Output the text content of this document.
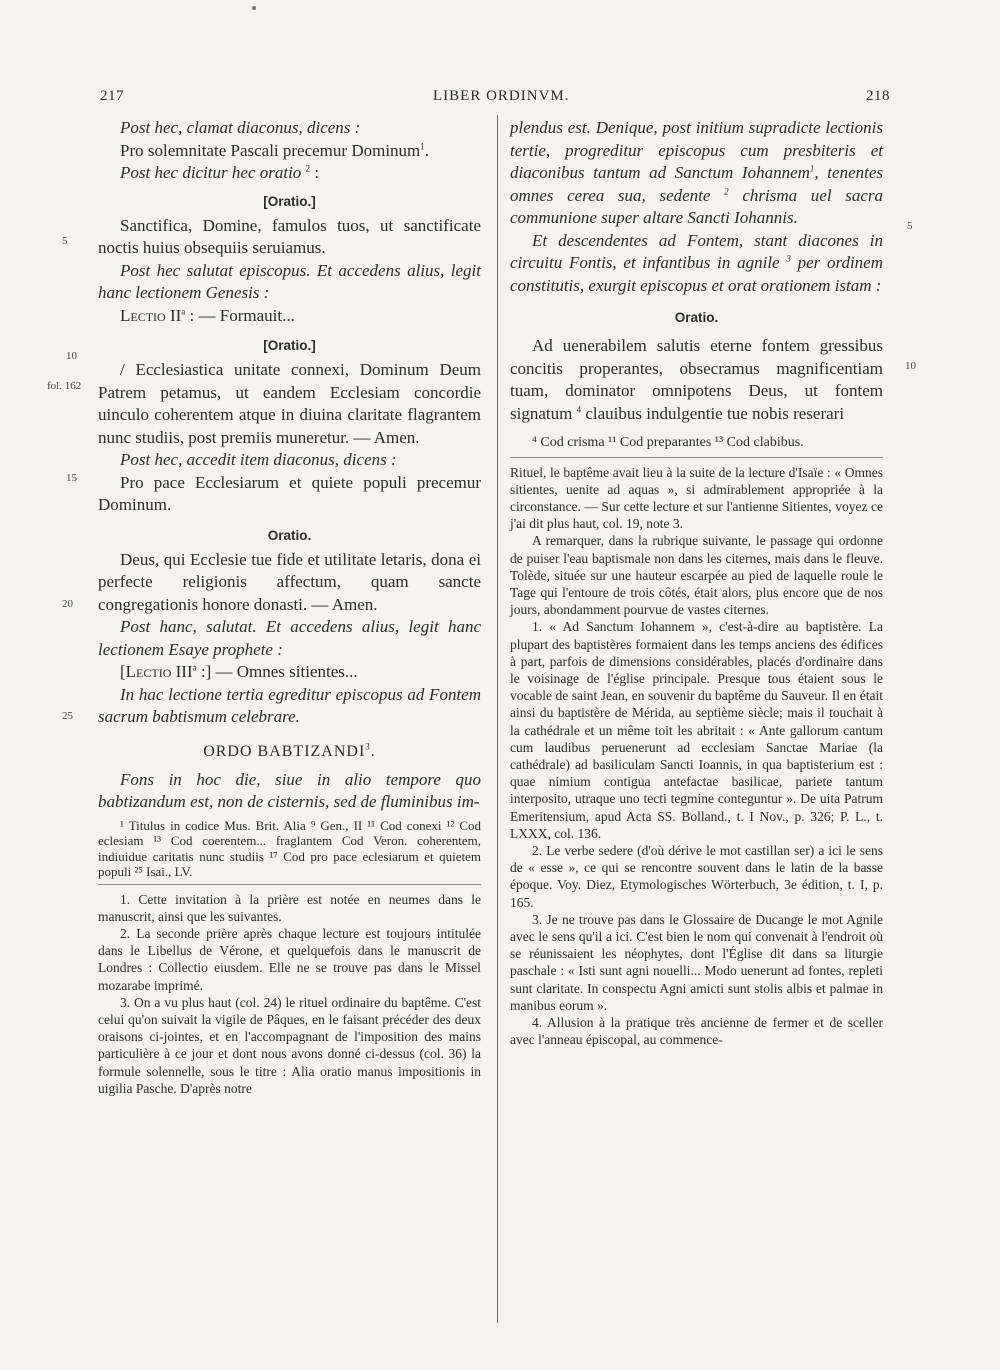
217	LIBER ORDINVM.	218
5
10
fol. 162
15
20
25
5
10

Post hec, clamat diaconus, dicens :

Pro solemnitate Pascali precemur Dominum$^1$.

Post hec dicitur hec oratio $^2$ :

[Oratio.]

Sanctifica, Domine, famulos tuos, ut sanctificate noctis huius obsequiis seruiamus.

Post hec salutat episcopus. Et accedens alius, legit hanc lectionem Genesis :

Lectio $II^a$ : — Formauit...

[Oratio.]

/ Ecclesiastica unitate connexi, Dominum Deum Patrem petamus, ut eandem Ecclesiam concordie uinculo coherentem atque in diuina claritate flagrantem nunc studiis, post premiis muneretur. — Amen.

Post hec, accedit item diaconus, dicens :

Pro pace Ecclesiarum et quiete populi precemur Dominum.

Oratio.

Deus, qui Ecclesie tue fide et utilitate letaris, dona ei perfecte religionis affectum, quam sancte congregationis honore donasti. — Amen.

Post hanc, salutat. Et accedens alius, legit hanc lectionem Esaye prophete :

[Lectio III$^a$ :] — Omnes sitientes...

In hac lectione tertia egreditur episcopus ad Fontem sacrum babtismum celebrare.

ORDO BABTIZANDI$^3$.

Fons in hoc die, siue in alio tempore quo babtizandum est, non de cisternis, sed de fluminibus im-

¹ Titulus in codice Mus. Brit. Alia ⁹ Gen., II ¹¹ Cod conexi ¹² Cod eclesiam ¹³ Cod coerentem... fraglantem Cod Veron. coherentem, indiuidue caritatis nunc studiis ¹⁷ Cod pro pace eclesiarum et quietem populi ²⁵ Isai., LV.

1. Cette invitation à la prière est notée en neumes dans le manuscrit, ainsi que les suivantes.

2. La seconde prière après chaque lecture est toujours intitulée dans le Libellus de Vérone, et quelquefois dans le manuscrit de Londres : Collectio eiusdem. Elle ne se trouve pas dans le Missel mozarabe imprimé.

3. On a vu plus haut (col. 24) le rituel ordinaire du baptême. C'est celui qu'on suivait la vigile de Pâques, en le faisant précéder des deux oraisons ci-jointes, et en l'accompagnant de l'imposition des mains particulière à ce jour et dont nous avons donné ci-dessus (col. 36) la formule solennelle, sous le titre : Alia oratio manus impositionis in uigilia Pasche. D'après notre

plendus est. Denique, post initium supradicte lectionis tertie, progreditur episcopus cum presbiteris et diaconibus tantum ad Sanctum Iohannem$^1$, tenentes omnes cerea sua, sedente $^2$ chrisma uel sacra communione super altare Sancti Iohannis.

Et descendentes ad Fontem, stant diacones in circuitu Fontis, et infantibus in agnile $^3$ per ordinem constitutis, exurgit episcopus et orat orationem istam :

Oratio.

Ad uenerabilem salutis eterne fontem gressibus concitis properantes, obsecramus magnificentiam tuam, dominator omnipotens Deus, ut fontem signatum $^4$ clauibus indulgentie tue nobis reserari

⁴ Cod crisma ¹¹ Cod preparantes ¹³ Cod clabibus.

Rituel, le baptême avait lieu à la suite de la lecture d'Isaïe : « Omnes sitientes, uenite ad aquas », si admirablement appropriée à la circonstance. — Sur cette lecture et sur l'antienne Sitientes, voyez ce j'ai dit plus haut, col. 19, note 3.

A remarquer, dans la rubrique suivante, le passage qui ordonne de puiser l'eau baptismale non dans les citernes, mais dans le fleuve. Tolède, située sur une hauteur escarpée au pied de laquelle roule le Tage qui l'entoure de trois côtés, était alors, plus encore que de nos jours, abondamment pourvue de vastes citernes.

1. « Ad Sanctum Iohannem », c'est-à-dire au baptistère. La plupart des baptistères formaient dans les temps anciens des édifices à part, parfois de dimensions considérables, placés d'ordinaire dans le voisinage de l'église principale. Presque tous étaient sous le vocable de saint Jean, en souvenir du baptême du Sauveur. Il en était ainsi du baptistère de Mérida, au septième siècle; mais il touchait à la cathédrale et un même toit les abritait : « Ante gallorum cantum cum laudibus peruenerunt ad ecclesiam Sanctae Mariae (la cathédrale) ad basiliculam Sancti Ioannis, in qua baptisterium est : quae nimium contigua antefactae basilicae, pariete tantum interposito, utraque uno tecti tegmine conteguntur ». De uita Patrum Emeritensium, apud Acta SS. Bolland., t. I Nov., p. 326; P. L., t. LXXX, col. 136.

2. Le verbe sedere (d'où dérive le mot castillan ser) a ici le sens de « esse », ce qui se rencontre souvent dans le latin de la basse époque. Voy. Diez, Etymologisches Wörterbuch, 3e édition, t. I, p. 165.

3. Je ne trouve pas dans le Glossaire de Ducange le mot Agnile avec le sens qu'il a ici. C'est bien le nom qui convenait à l'endroit où se réunissaient les néophytes, dont l'Église dit dans sa liturgie paschale : « Isti sunt agni nouelli... Modo uenerunt ad fontes, repleti sunt claritate. In conspectu Agni amicti sunt stolis albis et palmae in manibus eorum ».

4. Allusion à la pratique très ancienne de fermer et de sceller avec l'anneau épiscopal, au commence-
